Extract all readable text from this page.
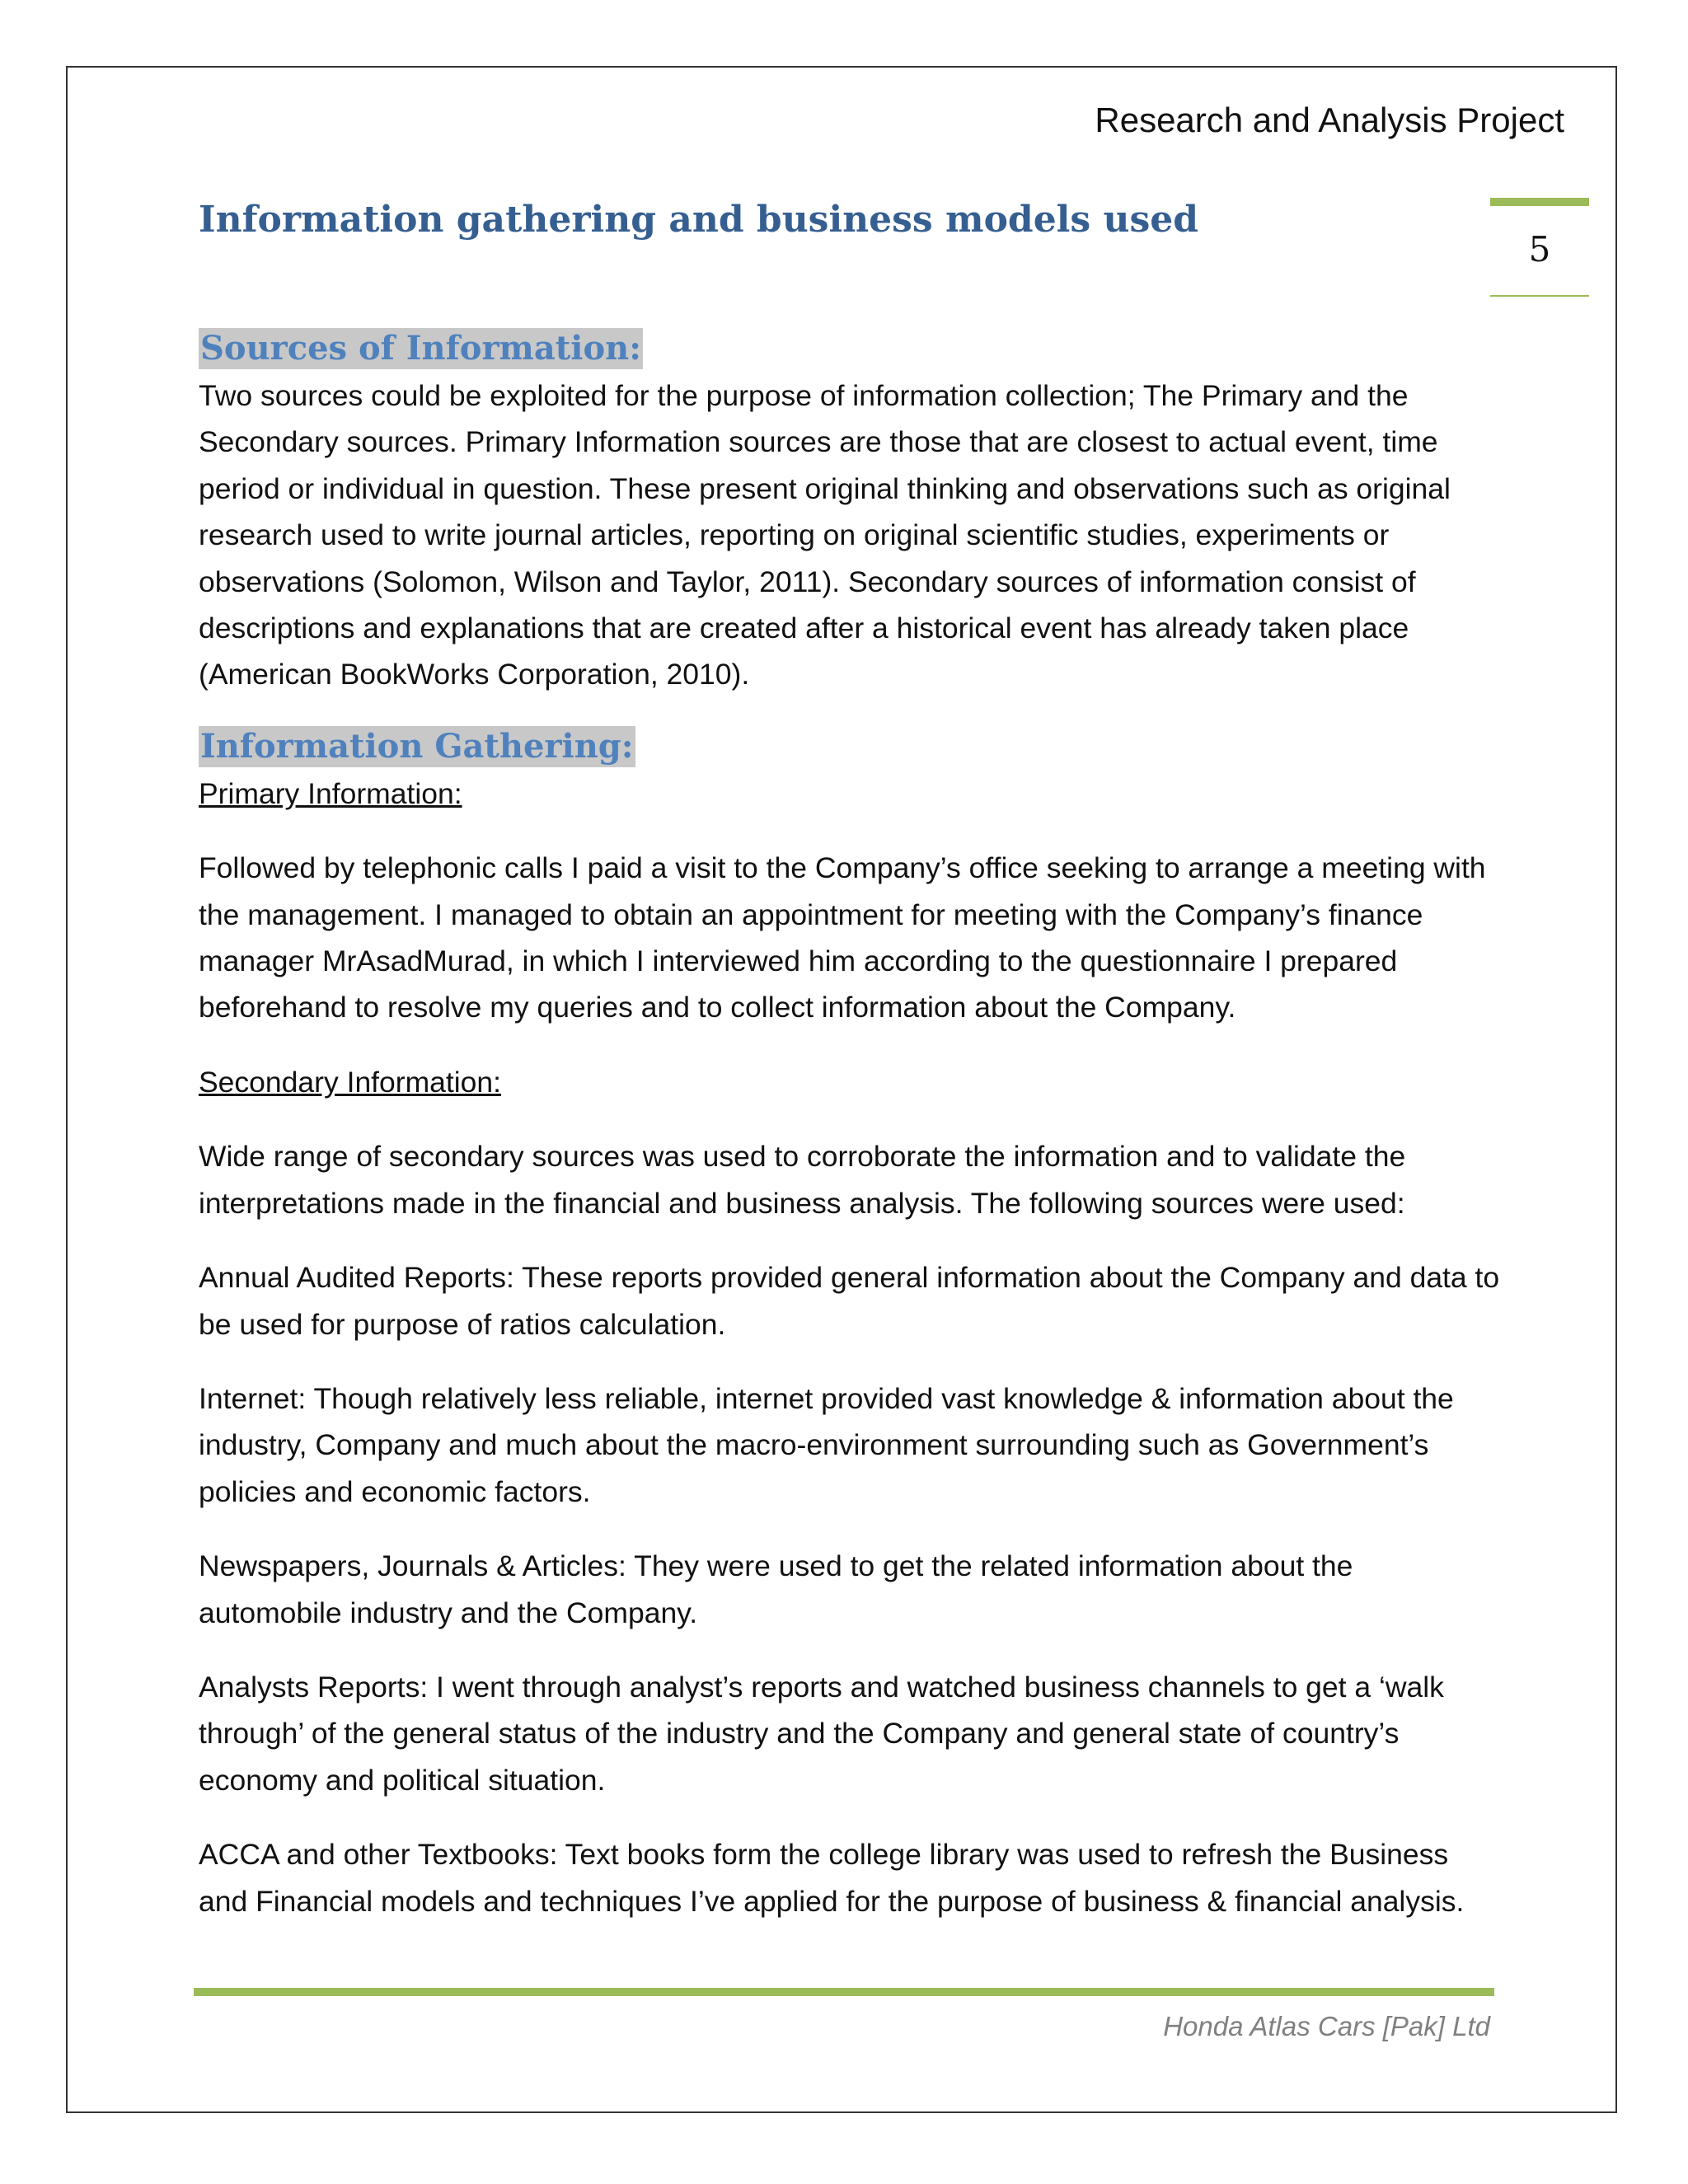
Research and Analysis Project
5
Information gathering and business models used
Sources of Information:

Two sources could be exploited for the purpose of information collection; The Primary and the Secondary sources. Primary Information sources are those that are closest to actual event, time period or individual in question. These present original thinking and observations such as original research used to write journal articles, reporting on original scientific studies, experiments or observations (Solomon, Wilson and Taylor, 2011). Secondary sources of information consist of descriptions and explanations that are created after a historical event has already taken place (American BookWorks Corporation, 2010).

Information Gathering:

Primary Information:

Followed by telephonic calls I paid a visit to the Company’s office seeking to arrange a meeting with the management. I managed to obtain an appointment for meeting with the Company’s finance manager MrAsadMurad, in which I interviewed him according to the questionnaire I prepared beforehand to resolve my queries and to collect information about the Company.

Secondary Information:

Wide range of secondary sources was used to corroborate the information and to validate the interpretations made in the financial and business analysis. The following sources were used:

Annual Audited Reports: These reports provided general information about the Company and data to be used for purpose of ratios calculation.

Internet: Though relatively less reliable, internet provided vast knowledge & information about the industry, Company and much about the macro-environment surrounding such as Government’s policies and economic factors.

Newspapers, Journals & Articles: They were used to get the related information about the automobile industry and the Company.

Analysts Reports: I went through analyst’s reports and watched business channels to get a ‘walk through’ of the general status of the industry and the Company and general state of country’s economy and political situation.

ACCA and other Textbooks: Text books form the college library was used to refresh the Business and Financial models and techniques I’ve applied for the purpose of business & financial analysis.

Honda Atlas Cars [Pak] Ltd
